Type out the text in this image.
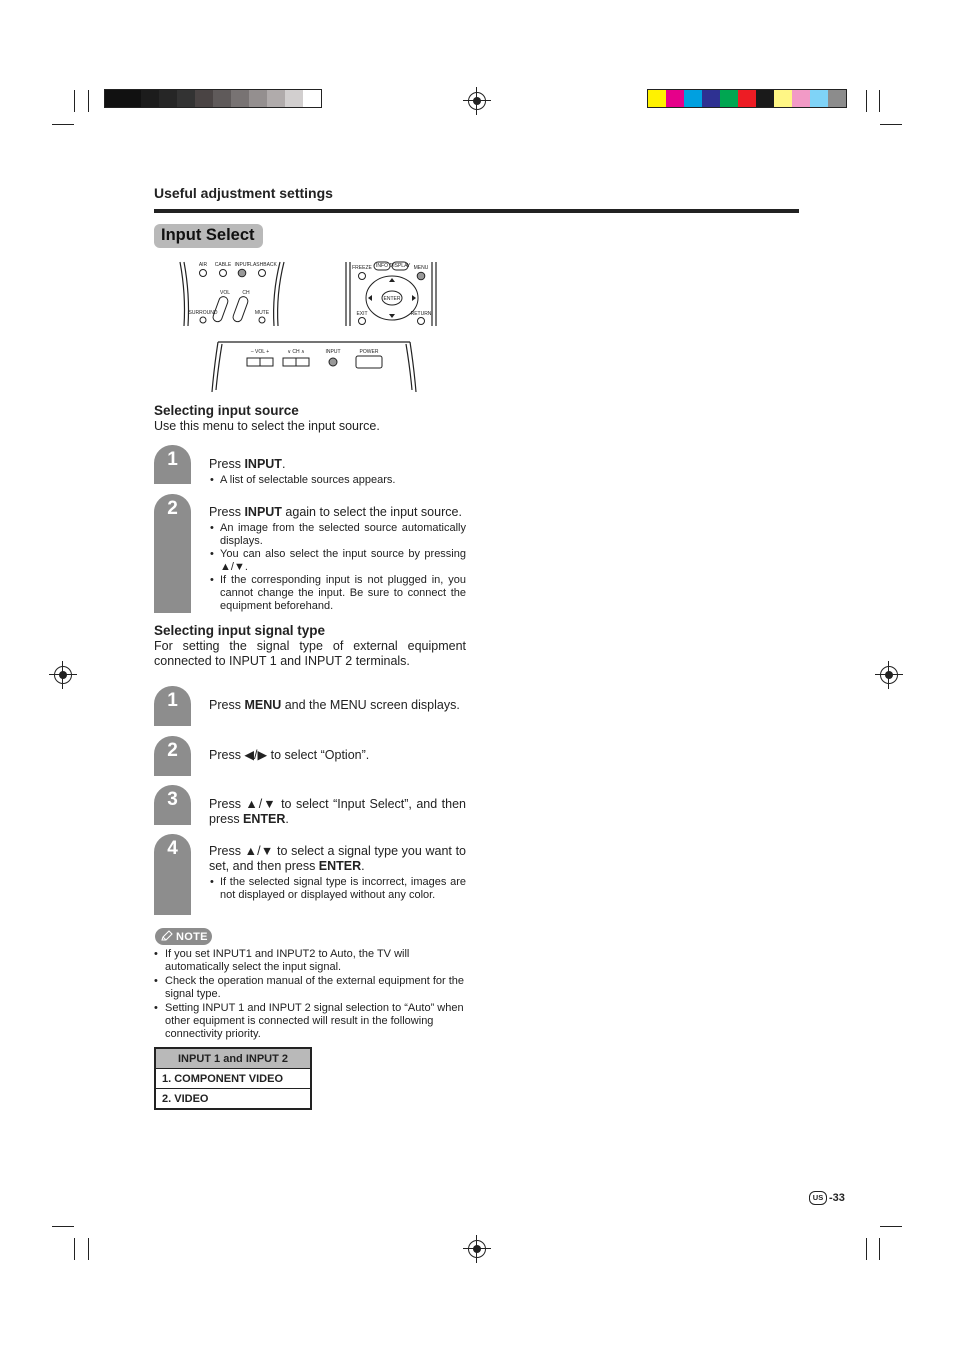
Useful adjustment settings
Input Select
AIR CABLE INPUT
FLASHBACK
VOL CH
SURROUND	MUTE
FREEZE INFO DISPLAY MENU
ENTER
EXIT	RETURN
– VOL +	∨ CH ∧	INPUT	POWER
Selecting input source
Use this menu to select the input source.
1	Press INPUT.
• A list of selectable sources appears.
2	Press INPUT again to select the input source.
• An image from the selected source automatically displays.
• You can also select the input source by pressing ▲/▼.
• If the corresponding input is not plugged in, you cannot change the input. Be sure to connect the equipment beforehand.
Selecting input signal type
For setting the signal type of external equipment connected to INPUT 1 and INPUT 2 terminals.
1	Press MENU and the MENU screen displays.
2	Press ◀/▶ to select “Option”.
3	Press ▲/▼ to select “Input Select”, and then press ENTER.
4	Press ▲/▼ to select a signal type you want to set, and then press ENTER.
• If the selected signal type is incorrect, images are not displayed or displayed without any color.
NOTE
• If you set INPUT1 and INPUT2 to Auto, the TV will automatically select the input signal.
• Check the operation manual of the external equipment for the signal type.
• Setting INPUT 1 and INPUT 2 signal selection to “Auto” when other equipment is connected will result in the following connectivity priority.
INPUT 1 and INPUT 2
1. COMPONENT VIDEO
2. VIDEO
US -33
